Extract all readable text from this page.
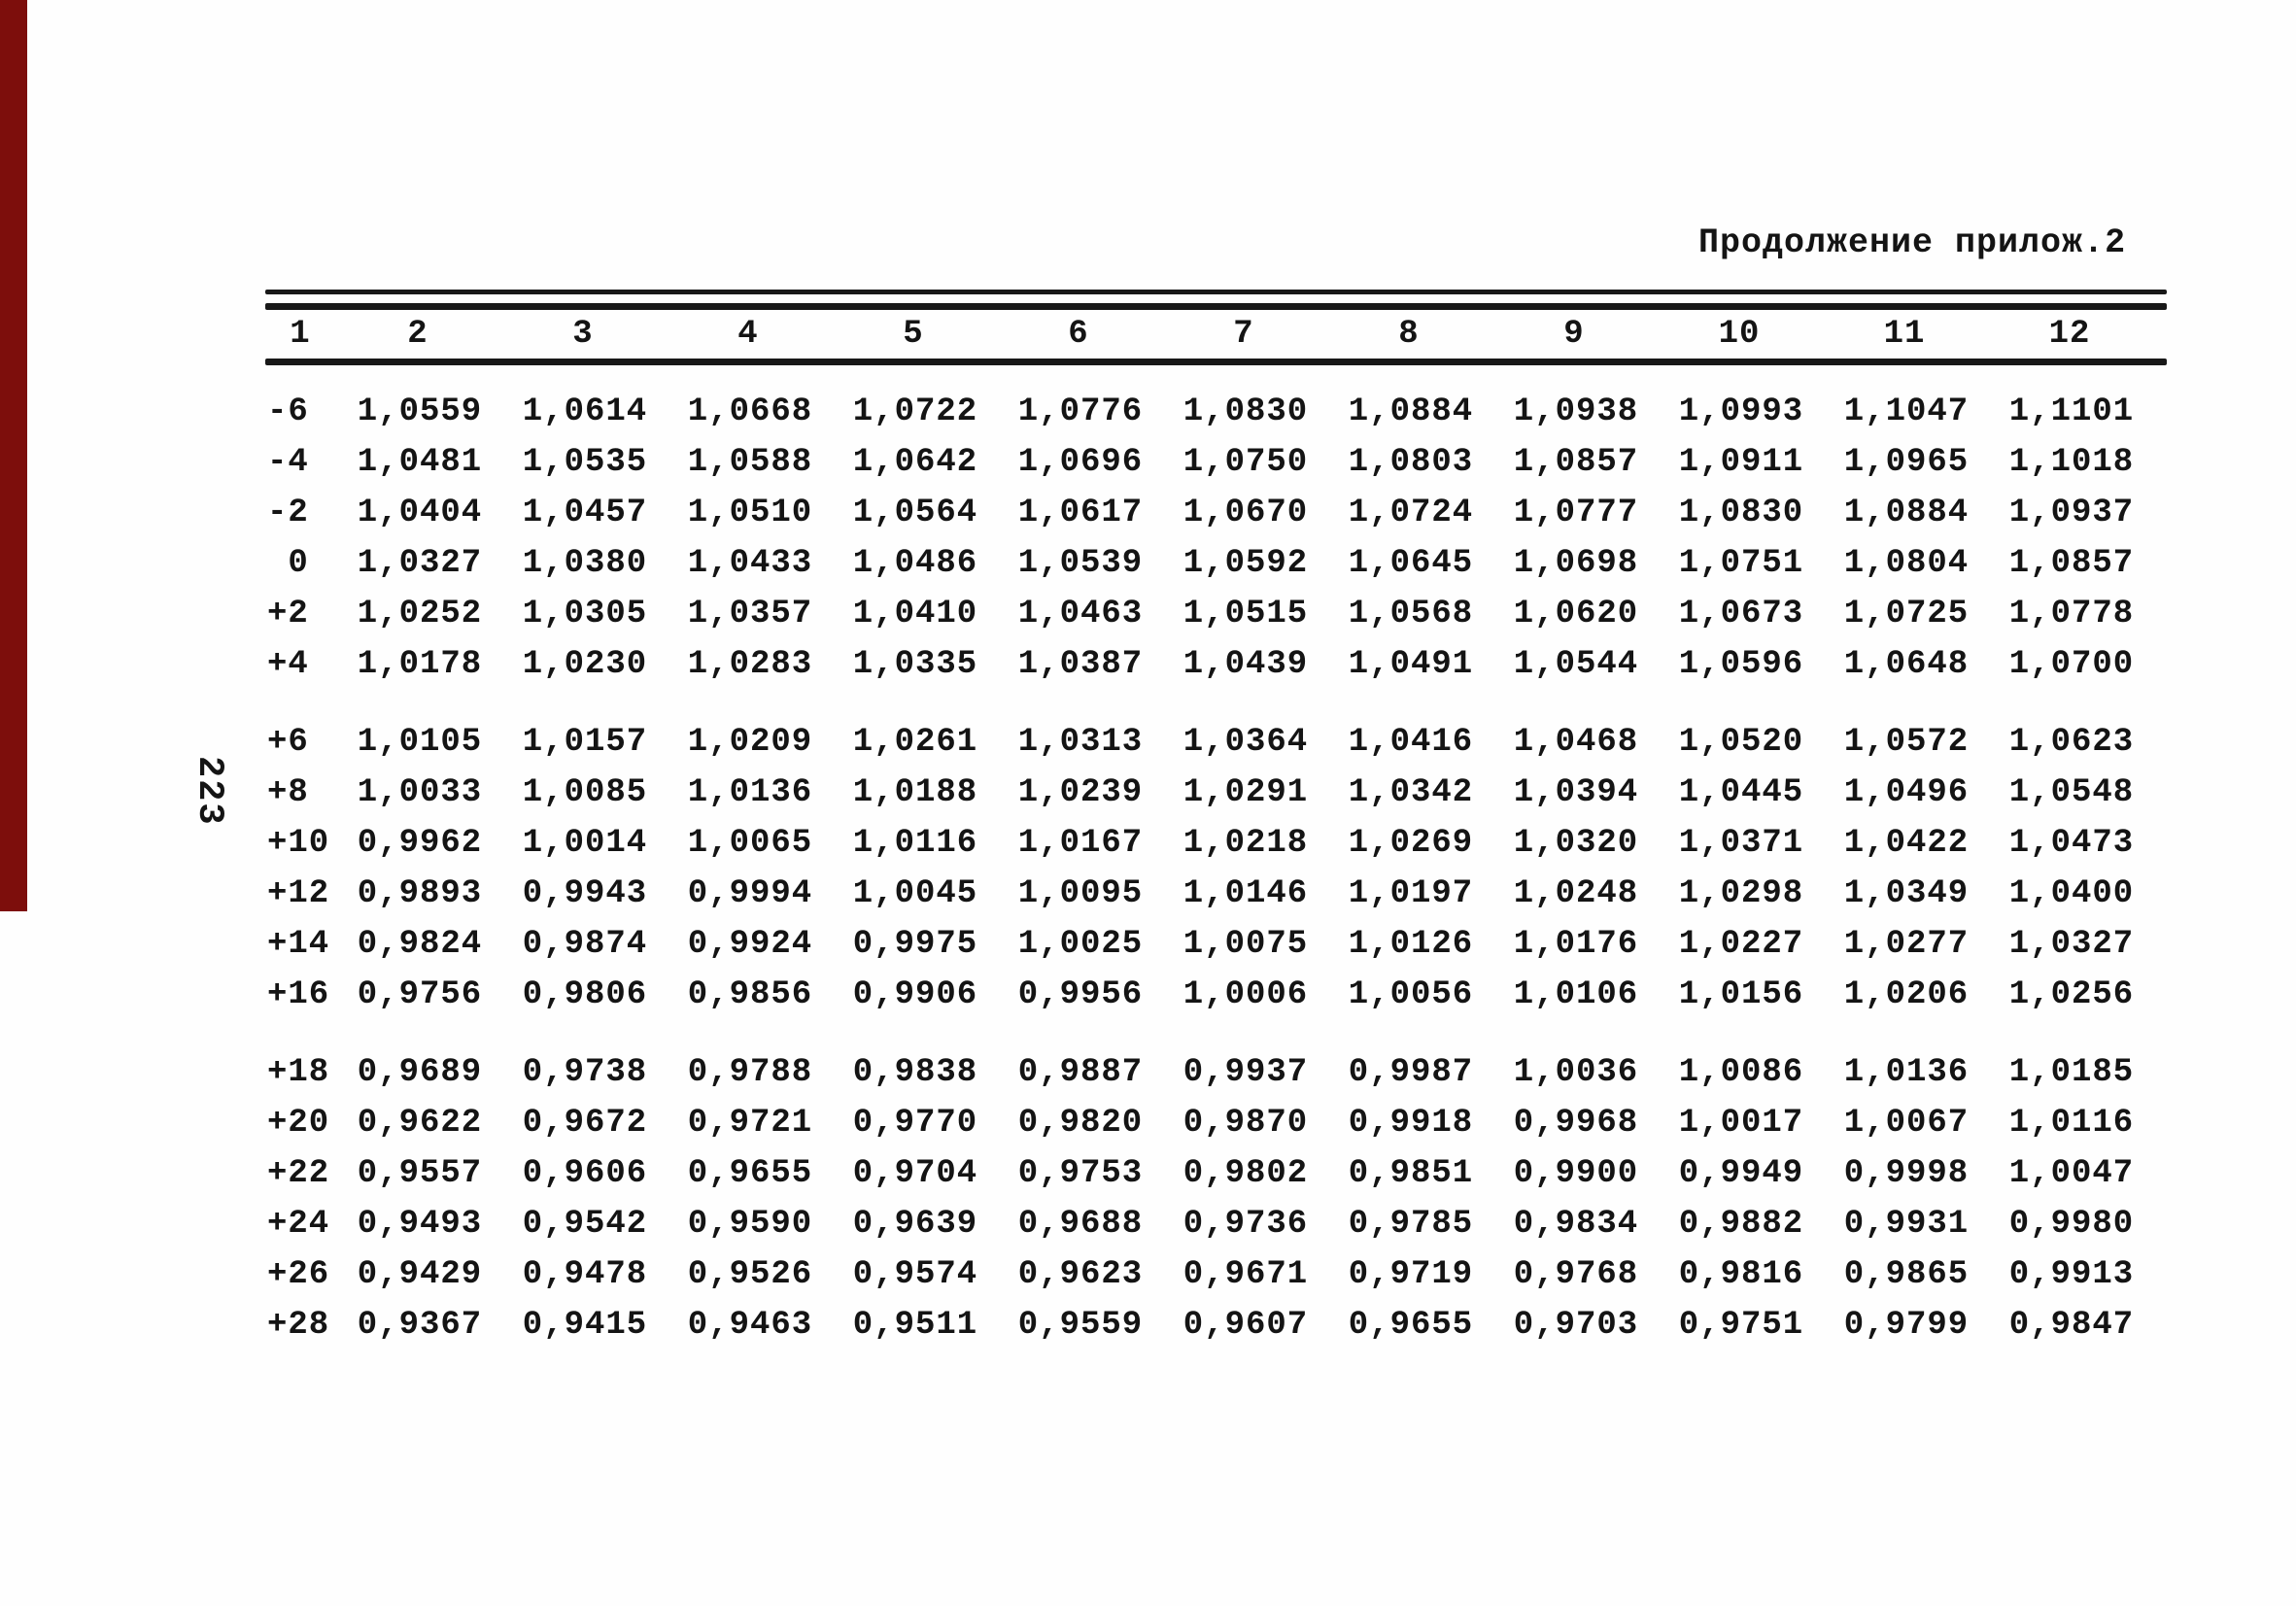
223
Продолжение прилож.2
1	2	3	4	5	6	7	8	9	10	11	12
-6	1,0559	1,0614	1,0668	1,0722	1,0776	1,0830	1,0884	1,0938	1,0993	1,1047	1,1101
-4	1,0481	1,0535	1,0588	1,0642	1,0696	1,0750	1,0803	1,0857	1,0911	1,0965	1,1018
-2	1,0404	1,0457	1,0510	1,0564	1,0617	1,0670	1,0724	1,0777	1,0830	1,0884	1,0937
0	1,0327	1,0380	1,0433	1,0486	1,0539	1,0592	1,0645	1,0698	1,0751	1,0804	1,0857
+2	1,0252	1,0305	1,0357	1,0410	1,0463	1,0515	1,0568	1,0620	1,0673	1,0725	1,0778
+4	1,0178	1,0230	1,0283	1,0335	1,0387	1,0439	1,0491	1,0544	1,0596	1,0648	1,0700
+6	1,0105	1,0157	1,0209	1,0261	1,0313	1,0364	1,0416	1,0468	1,0520	1,0572	1,0623
+8	1,0033	1,0085	1,0136	1,0188	1,0239	1,0291	1,0342	1,0394	1,0445	1,0496	1,0548
+10 0,9962	1,0014	1,0065	1,0116	1,0167	1,0218	1,0269	1,0320	1,0371	1,0422	1,0473
+12 0,9893	0,9943	0,9994	1,0045	1,0095	1,0146	1,0197	1,0248	1,0298	1,0349	1,0400
+14 0,9824	0,9874	0,9924	0,9975	1,0025	1,0075	1,0126	1,0176	1,0227	1,0277	1,0327
+16 0,9756	0,9806	0,9856	0,9906	0,9956	1,0006	1,0056	1,0106	1,0156	1,0206	1,0256
+18 0,9689	0,9738	0,9788	0,9838	0,9887	0,9937	0,9987	1,0036	1,0086	1,0136	1,0185
+20 0,9622	0,9672	0,9721	0,9770	0,9820	0,9870	0,9918	0,9968	1,0017	1,0067	1,0116
+22 0,9557	0,9606	0,9655	0,9704	0,9753	0,9802	0,9851	0,9900	0,9949	0,9998	1,0047
+24 0,9493	0,9542	0,9590	0,9639	0,9688	0,9736	0,9785	0,9834	0,9882	0,9931	0,9980
+26 0,9429	0,9478	0,9526	0,9574	0,9623	0,9671	0,9719	0,9768	0,9816	0,9865	0,9913
+28 0,9367	0,9415	0,9463	0,9511	0,9559	0,9607	0,9655	0,9703	0,9751	0,9799	0,9847
